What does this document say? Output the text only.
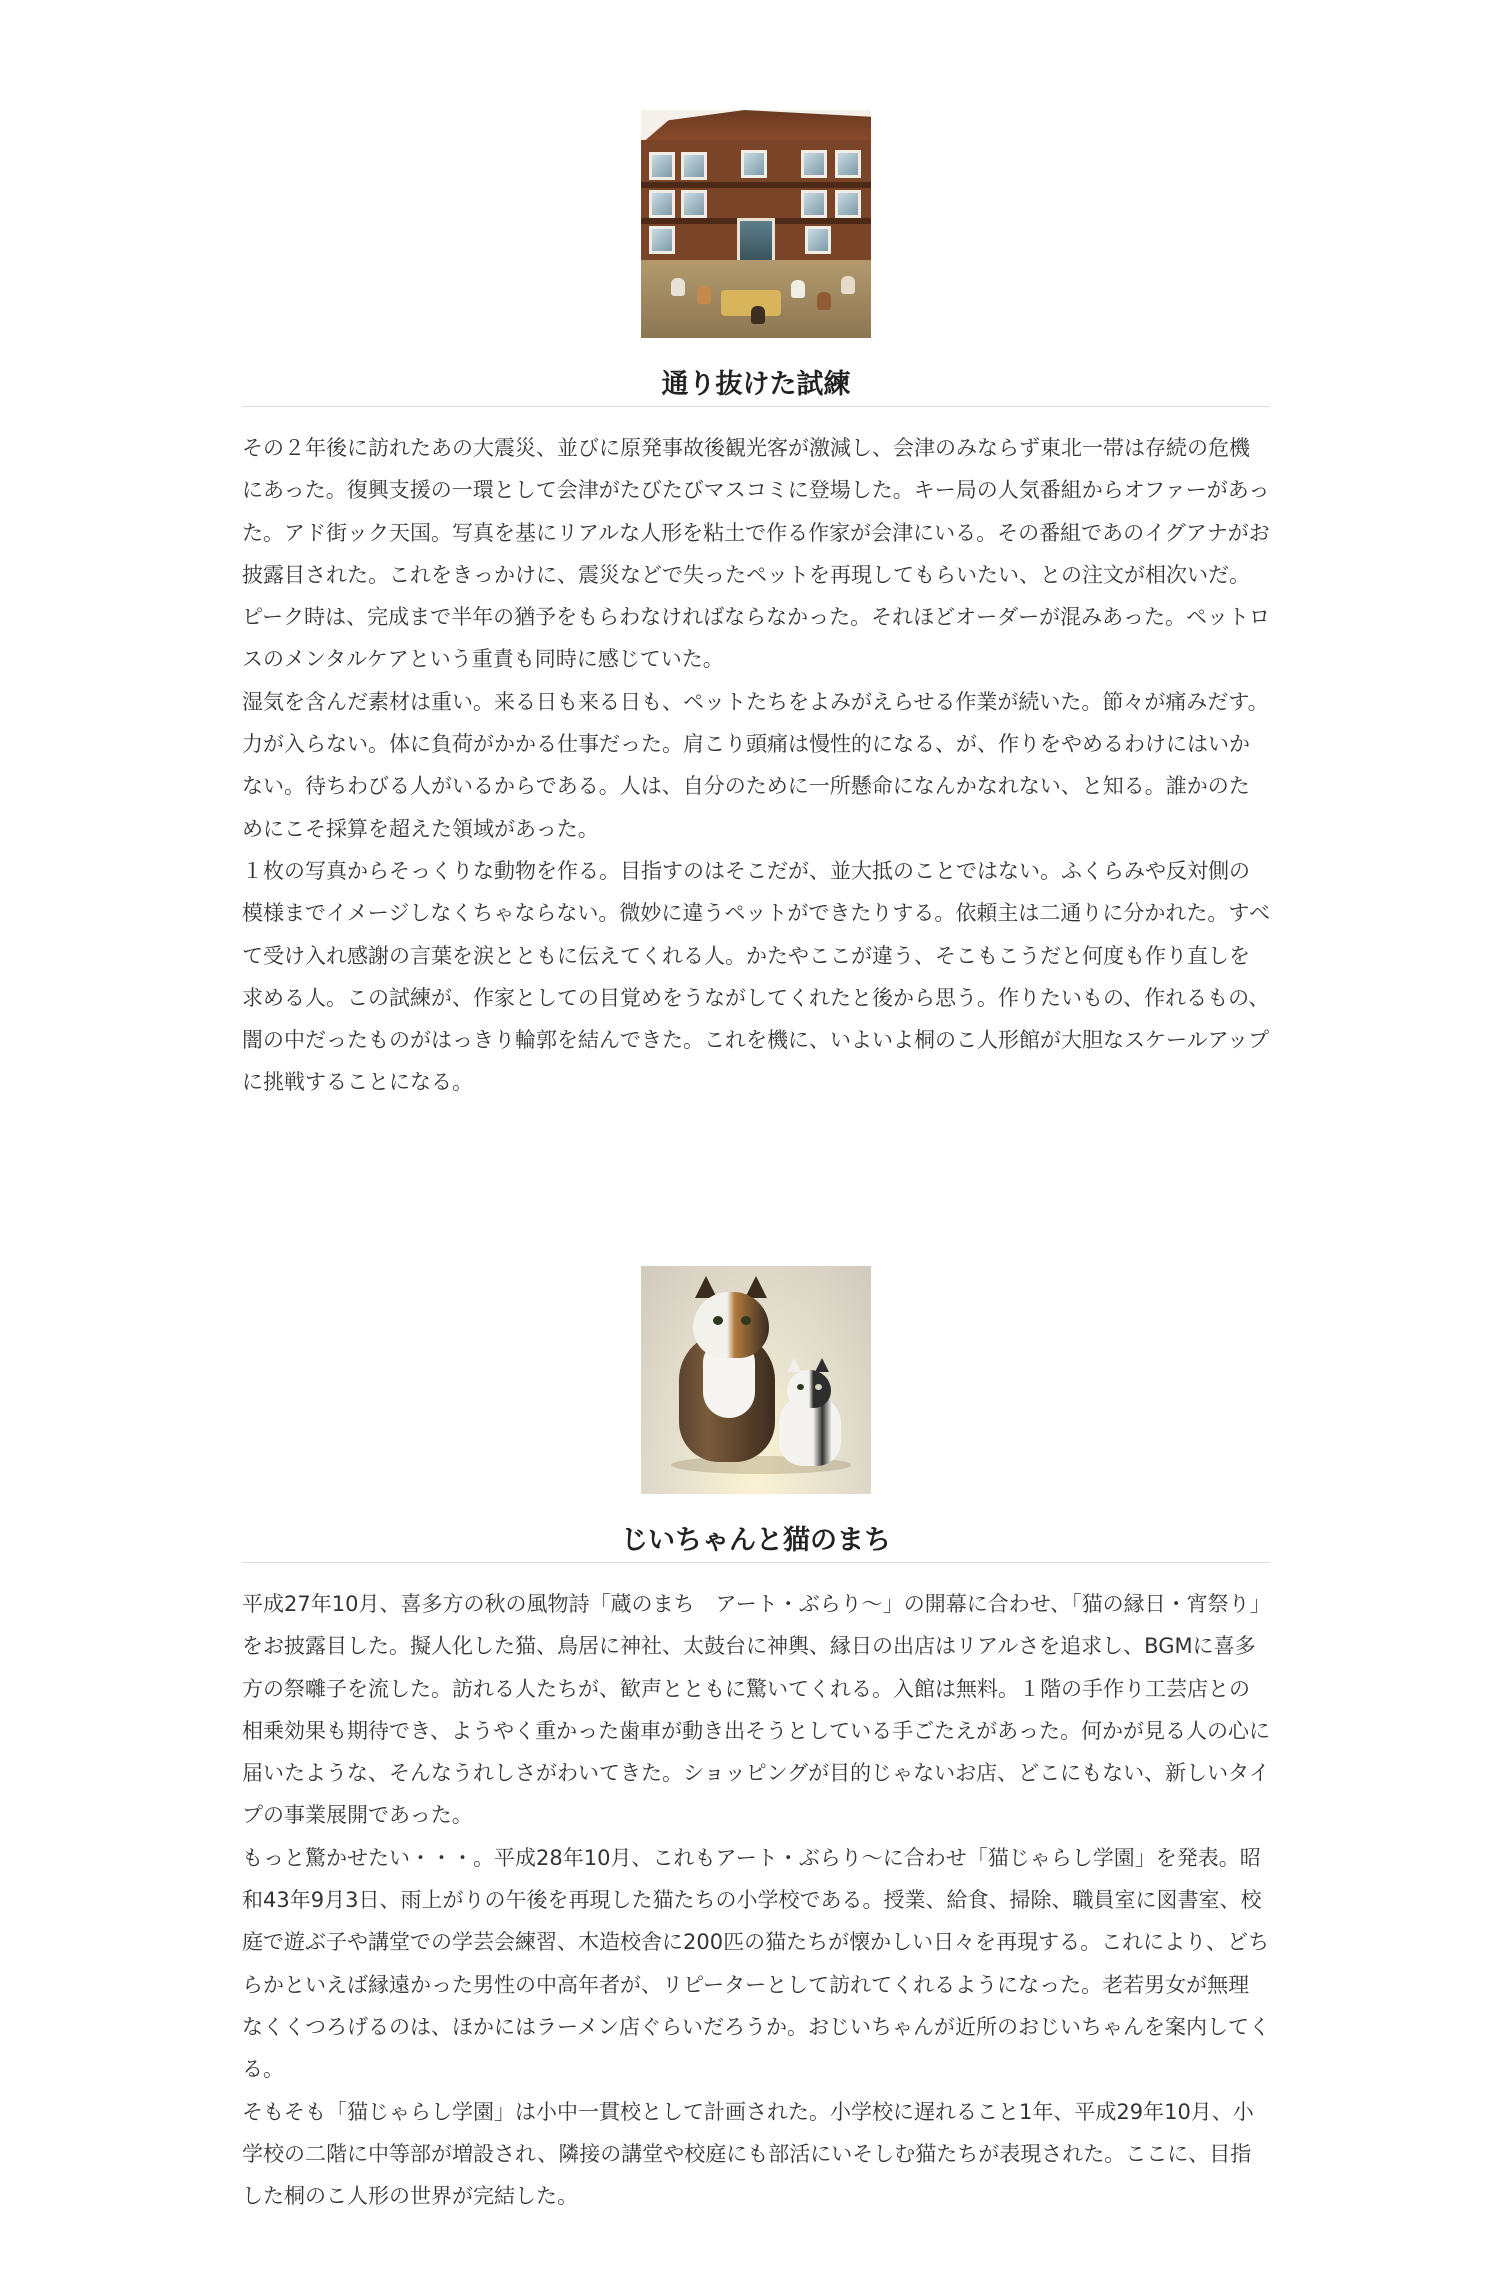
通り抜けた試練

その２年後に訪れたあの大震災、並びに原発事故後観光客が激減し、会津のみならず東北一帯は存続の危機にあった。復興支援の一環として会津がたびたびマスコミに登場した。キー局の人気番組からオファーがあった。アド街ック天国。写真を基にリアルな人形を粘土で作る作家が会津にいる。その番組であのイグアナがお披露目された。これをきっかけに、震災などで失ったペットを再現してもらいたい、との注文が相次いだ。ピーク時は、完成まで半年の猶予をもらわなければならなかった。それほどオーダーが混みあった。ペットロスのメンタルケアという重責も同時に感じていた。

湿気を含んだ素材は重い。来る日も来る日も、ペットたちをよみがえらせる作業が続いた。節々が痛みだす。力が入らない。体に負荷がかかる仕事だった。肩こり頭痛は慢性的になる、が、作りをやめるわけにはいかない。待ちわびる人がいるからである。人は、自分のために一所懸命になんかなれない、と知る。誰かのためにこそ採算を超えた領域があった。

１枚の写真からそっくりな動物を作る。目指すのはそこだが、並大抵のことではない。ふくらみや反対側の模様までイメージしなくちゃならない。微妙に違うペットができたりする。依頼主は二通りに分かれた。すべて受け入れ感謝の言葉を涙とともに伝えてくれる人。かたやここが違う、そこもこうだと何度も作り直しを求める人。この試練が、作家としての目覚めをうながしてくれたと後から思う。作りたいもの、作れるもの、闇の中だったものがはっきり輪郭を結んできた。これを機に、いよいよ桐のこ人形館が大胆なスケールアップに挑戦することになる。

じいちゃんと猫のまち

平成27年10月、喜多方の秋の風物詩「蔵のまち　アート・ぶらり～」の開幕に合わせ、「猫の縁日・宵祭り」をお披露目した。擬人化した猫、鳥居に神社、太鼓台に神輿、縁日の出店はリアルさを追求し、BGMに喜多方の祭囃子を流した。訪れる人たちが、歓声とともに驚いてくれる。入館は無料。１階の手作り工芸店との相乗効果も期待でき、ようやく重かった歯車が動き出そうとしている手ごたえがあった。何かが見る人の心に届いたような、そんなうれしさがわいてきた。ショッピングが目的じゃないお店、どこにもない、新しいタイプの事業展開であった。

もっと驚かせたい・・・。平成28年10月、これもアート・ぶらり～に合わせ「猫じゃらし学園」を発表。昭和43年9月3日、雨上がりの午後を再現した猫たちの小学校である。授業、給食、掃除、職員室に図書室、校庭で遊ぶ子や講堂での学芸会練習、木造校舎に200匹の猫たちが懐かしい日々を再現する。これにより、どちらかといえば縁遠かった男性の中高年者が、リピーターとして訪れてくれるようになった。老若男女が無理なくくつろげるのは、ほかにはラーメン店ぐらいだろうか。おじいちゃんが近所のおじいちゃんを案内してくる。

そもそも「猫じゃらし学園」は小中一貫校として計画された。小学校に遅れること1年、平成29年10月、小学校の二階に中等部が増設され、隣接の講堂や校庭にも部活にいそしむ猫たちが表現された。ここに、目指した桐のこ人形の世界が完結した。
